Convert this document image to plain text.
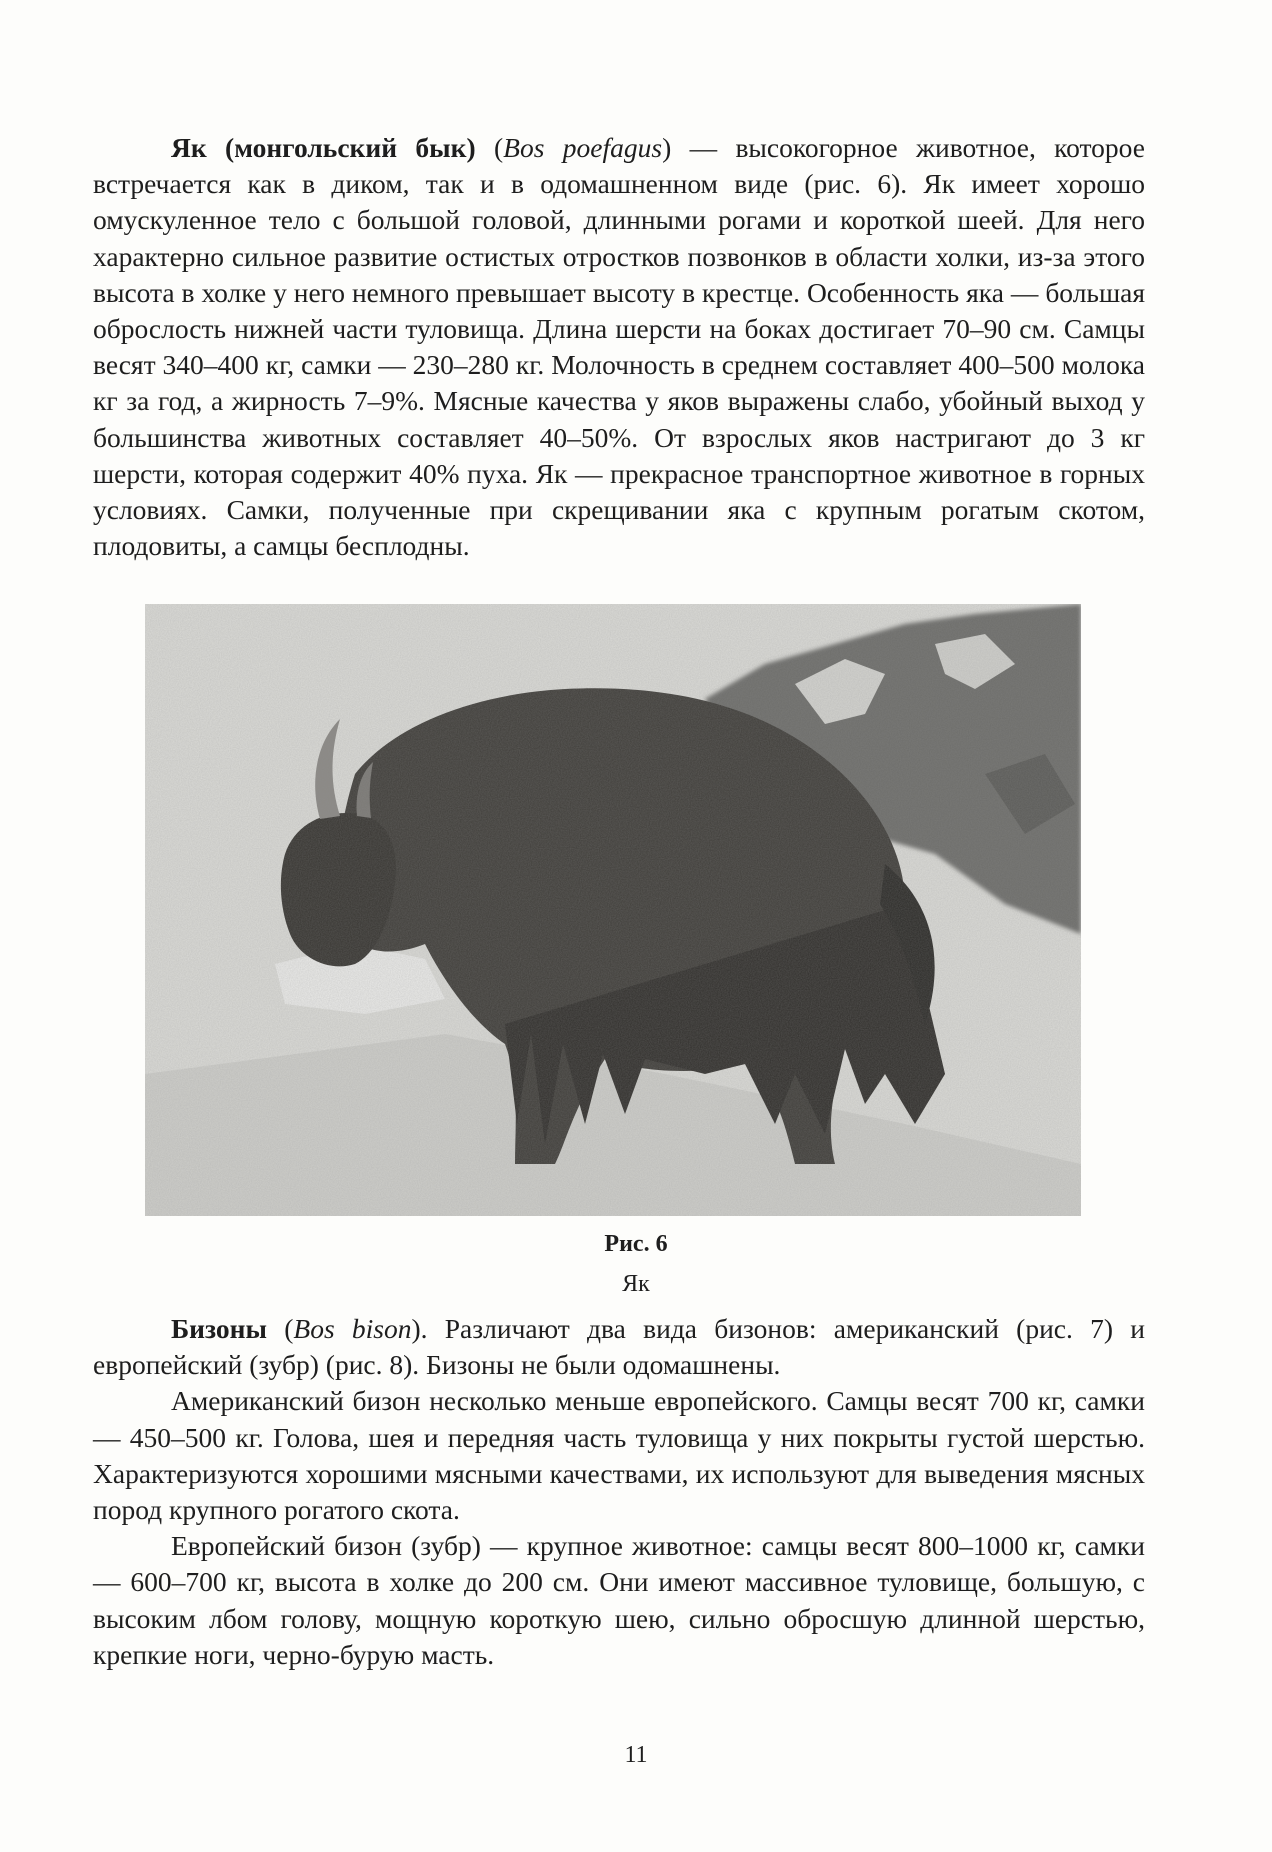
Як (монгольский бык) (Bos poefagus) — высокогорное животное, которое встречается как в диком, так и в одомашненном виде (рис. 6). Як имеет хорошо омускуленное тело с большой головой, длинными рогами и короткой шеей. Для него характерно сильное развитие остистых отростков позвонков в области холки, из-за этого высота в холке у него немного превышает высоту в крестце. Особенность яка — большая оброслость нижней части туловища. Длина шерсти на боках достигает 70–90 см. Самцы весят 340–400 кг, самки — 230–280 кг. Молочность в среднем составляет 400–500 молока кг за год, а жирность 7–9%. Мясные качества у яков выражены слабо, убойный выход у большинства животных составляет 40–50%. От взрослых яков настригают до 3 кг шерсти, которая содержит 40% пуха. Як — прекрасное транспортное животное в горных условиях. Самки, полученные при скрещивании яка с крупным рогатым скотом, плодовиты, а самцы бесплодны.

Рис. 6
Як

Бизоны (Bos bison). Различают два вида бизонов: американский (рис. 7) и европейский (зубр) (рис. 8). Бизоны не были одомашнены.

Американский бизон несколько меньше европейского. Самцы весят 700 кг, самки — 450–500 кг. Голова, шея и передняя часть туловища у них покрыты густой шерстью. Характеризуются хорошими мясными качествами, их используют для выведения мясных пород крупного рогатого скота.

Европейский бизон (зубр) — крупное животное: самцы весят 800–1000 кг, самки — 600–700 кг, высота в холке до 200 см. Они имеют массивное туловище, большую, с высоким лбом голову, мощную короткую шею, сильно обросшую длинной шерстью, крепкие ноги, черно-бурую масть.

11
